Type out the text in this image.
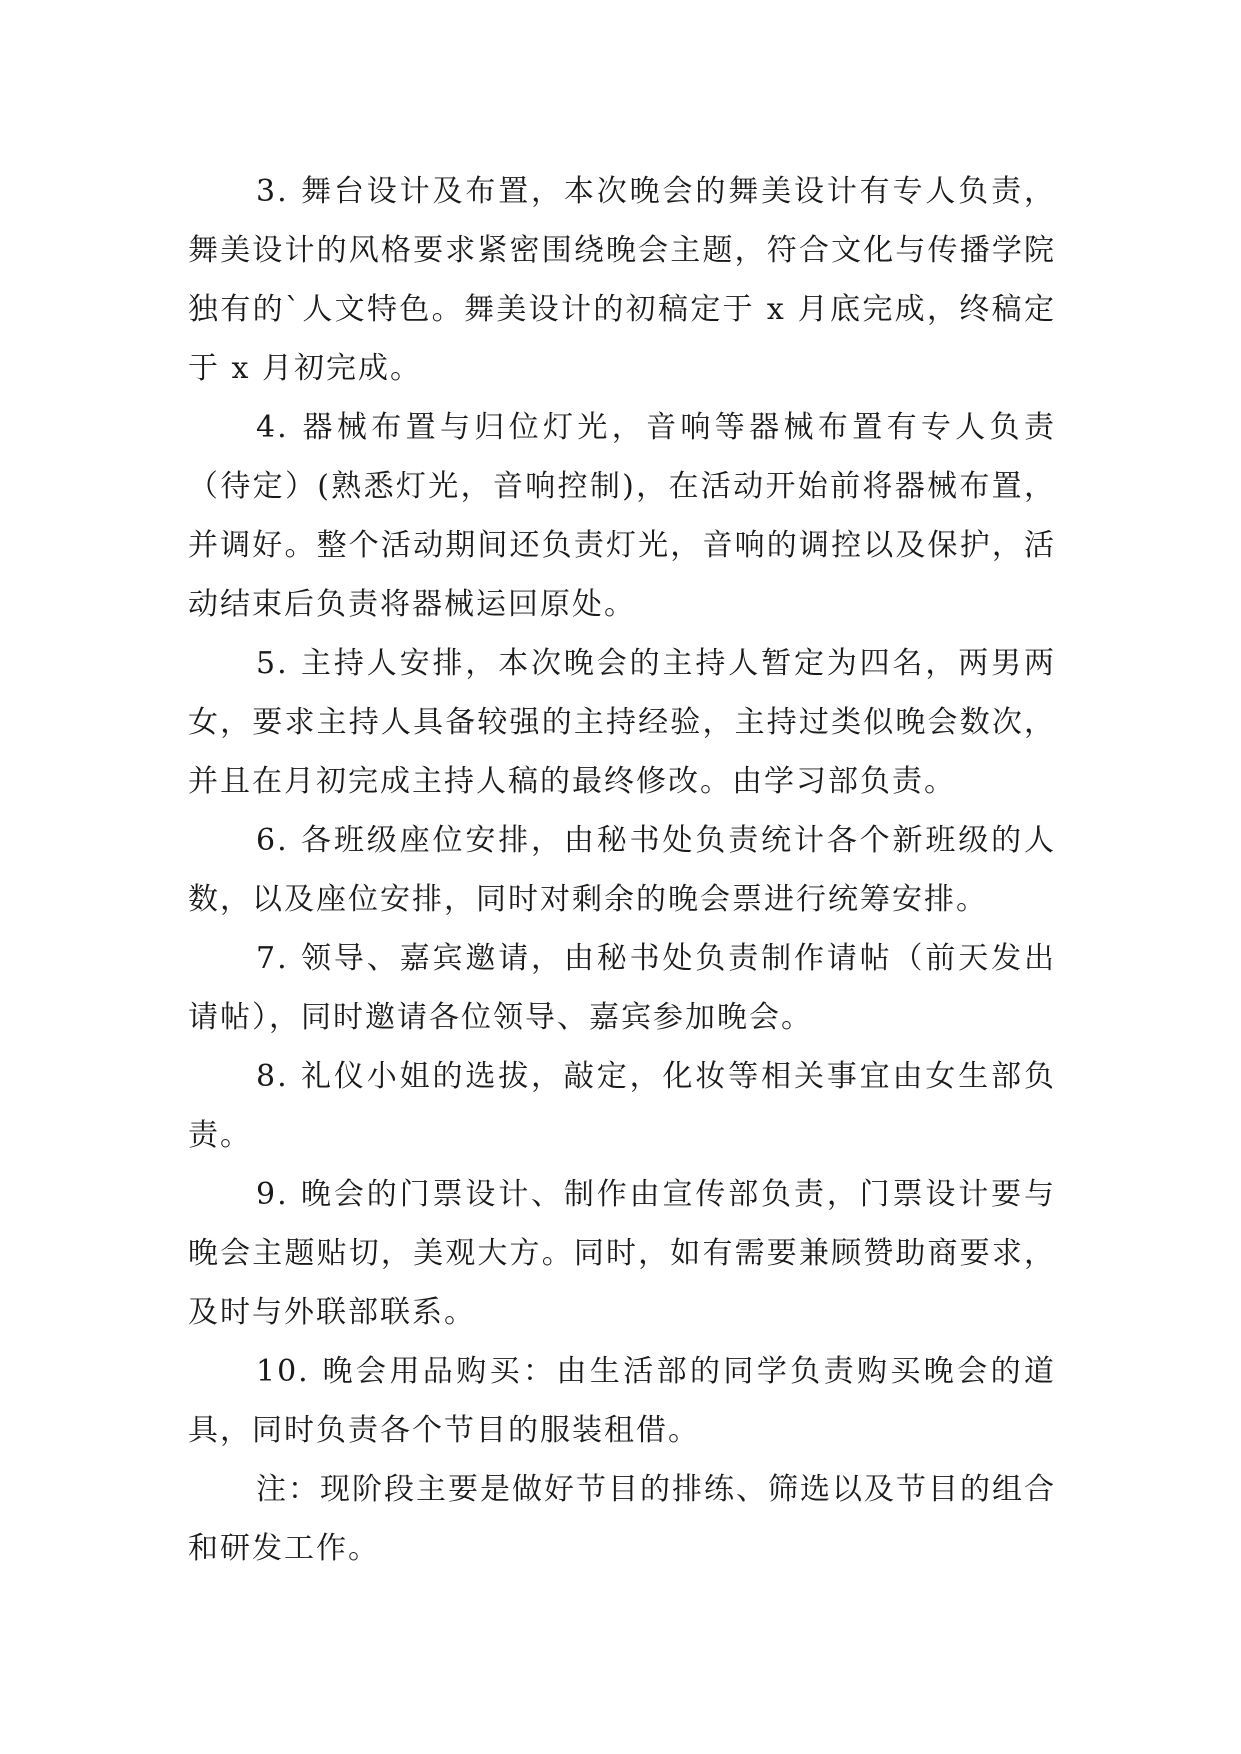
3. 舞台设计及布置，本次晚会的舞美设计有专人负责，舞美设计的风格要求紧密围绕晚会主题，符合文化与传播学院独有的`人文特色。舞美设计的初稿定于 x 月底完成，终稿定于 x 月初完成。

4. 器械布置与归位灯光，音响等器械布置有专人负责（待定）(熟悉灯光，音响控制)，在活动开始前将器械布置，并调好。整个活动期间还负责灯光，音响的调控以及保护，活动结束后负责将器械运回原处。

5. 主持人安排，本次晚会的主持人暂定为四名，两男两女，要求主持人具备较强的主持经验，主持过类似晚会数次，并且在月初完成主持人稿的最终修改。由学习部负责。

6. 各班级座位安排，由秘书处负责统计各个新班级的人数，以及座位安排，同时对剩余的晚会票进行统筹安排。

7. 领导、嘉宾邀请，由秘书处负责制作请帖（前天发出请帖），同时邀请各位领导、嘉宾参加晚会。

8. 礼仪小姐的选拔，敲定，化妆等相关事宜由女生部负责。

9. 晚会的门票设计、制作由宣传部负责，门票设计要与晚会主题贴切，美观大方。同时，如有需要兼顾赞助商要求，及时与外联部联系。

10. 晚会用品购买：由生活部的同学负责购买晚会的道具，同时负责各个节目的服装租借。

注：现阶段主要是做好节目的排练、筛选以及节目的组合和研发工作。
